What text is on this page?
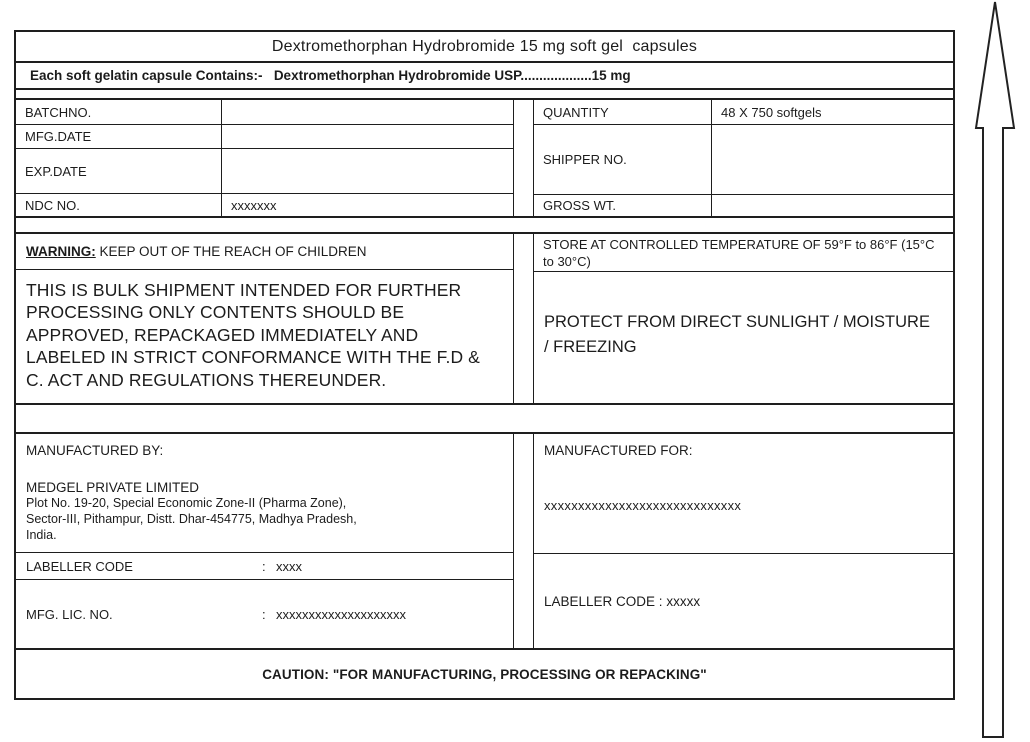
Dextromethorphan Hydrobromide 15 mg soft gel  capsules
Each soft gelatin capsule Contains:-
Dextromethorphan Hydrobromide USP...................15 mg
BATCHNO.
MFG.DATE
EXP.DATE
NDC NO.	xxxxxxx
QUANTITY	48 X 750 softgels
SHIPPER NO.
GROSS WT.
WARNING: KEEP OUT OF THE REACH OF CHILDREN
THIS IS BULK SHIPMENT INTENDED FOR FURTHER PROCESSING ONLY CONTENTS SHOULD BE APPROVED, REPACKAGED IMMEDIATELY AND LABELED IN STRICT CONFORMANCE WITH THE F.D & C. ACT AND REGULATIONS THEREUNDER.
STORE AT CONTROLLED TEMPERATURE OF 59°F to 86°F (15°C to 30°C)
PROTECT FROM DIRECT SUNLIGHT / MOISTURE / FREEZING
MANUFACTURED BY:
MEDGEL PRIVATE LIMITED
Plot No. 19-20, Special Economic Zone-II (Pharma Zone),
Sector-III, Pithampur, Distt. Dhar-454775, Madhya Pradesh,
India.
LABELLER CODE	: xxxx
MFG. LIC. NO.	: xxxxxxxxxxxxxxxxxxxx
MANUFACTURED FOR:
xxxxxxxxxxxxxxxxxxxxxxxxxxxxx
LABELLER CODE : xxxxx
CAUTION: "FOR MANUFACTURING, PROCESSING OR REPACKING"
